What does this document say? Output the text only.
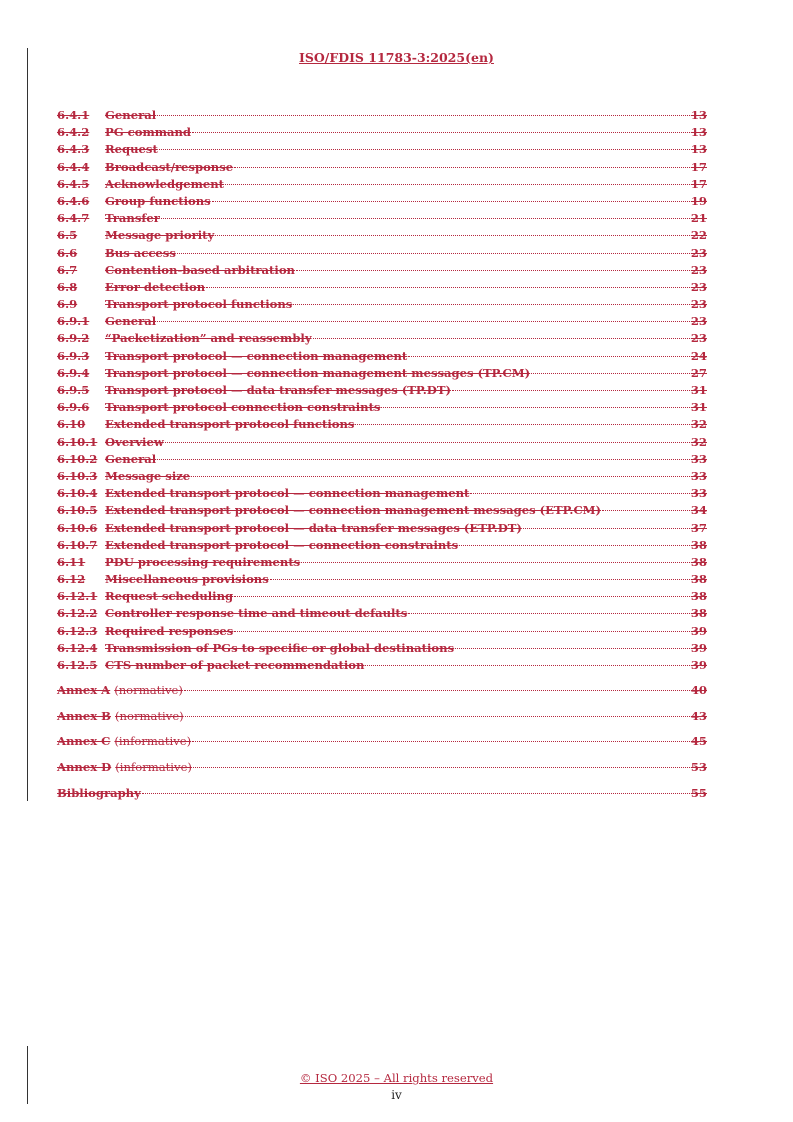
ISO/FDIS 11783-3:2025(en)
6.4.1	General	13
6.4.2	PG command	13
6.4.3	Request	13
6.4.4	Broadcast/response	17
6.4.5	Acknowledgement	17
6.4.6	Group functions	19
6.4.7	Transfer	21
6.5	Message priority	22
6.6	Bus access	23
6.7	Contention-based arbitration	23
6.8	Error detection	23
6.9	Transport protocol functions	23
6.9.1	General	23
6.9.2	“Packetization” and reassembly	23
6.9.3	Transport protocol — connection management	24
6.9.4	Transport protocol — connection management messages (TP.CM)	27
6.9.5	Transport protocol — data transfer messages (TP.DT)	31
6.9.6	Transport protocol connection constraints	31
6.10	Extended transport protocol functions	32
6.10.1 Overview	32
6.10.2 General	33
6.10.3 Message size	33
6.10.4 Extended transport protocol — connection management	33
6.10.5 Extended transport protocol — connection management messages (ETP.CM)	34
6.10.6 Extended transport protocol — data transfer messages (ETP.DT)	37
6.10.7 Extended transport protocol — connection constraints	38
6.11	PDU processing requirements	38
6.12	Miscellaneous provisions	38
6.12.1 Request scheduling	38
6.12.2 Controller response time and timeout defaults	38
6.12.3 Required responses	39
6.12.4 Transmission of PGs to specific or global destinations	39
6.12.5 CTS number of packet recommendation	39
Annex A (normative)	40
Annex B (normative)	43
Annex C (informative)	45
Annex D (informative)	53
Bibliography	55
© ISO 2025 – All rights reserved
iv
